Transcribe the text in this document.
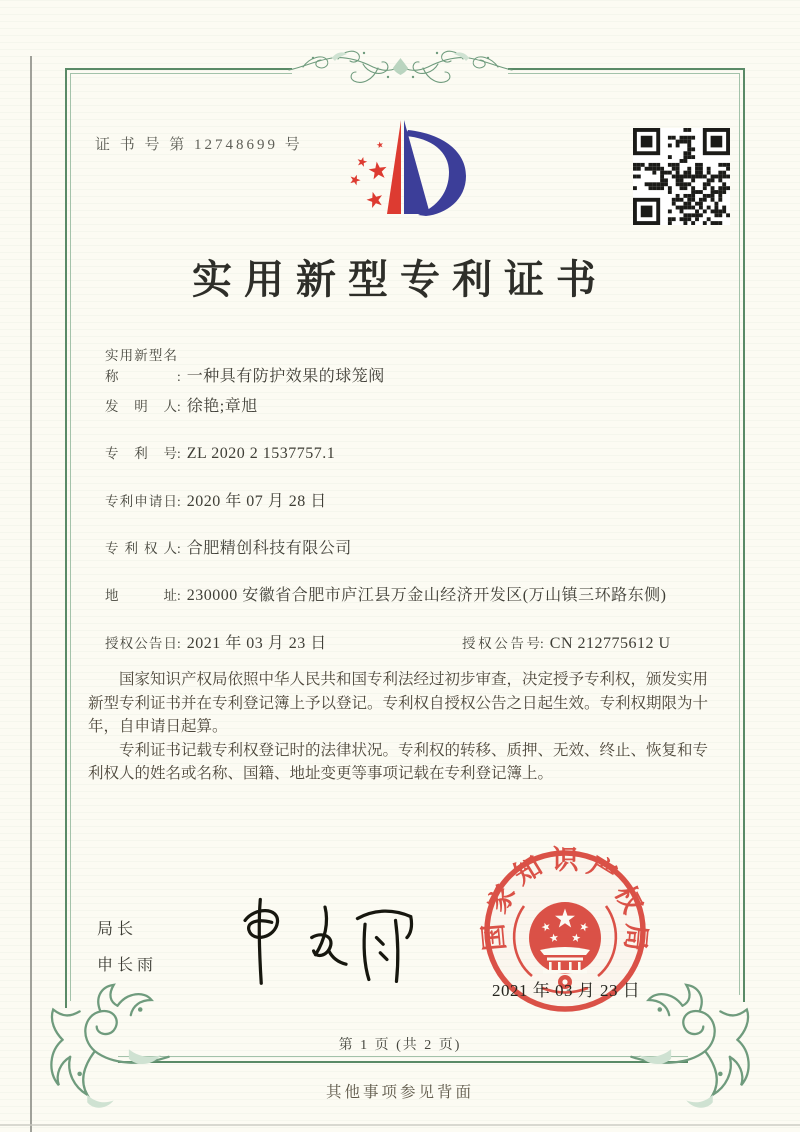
证 书 号 第 12748699 号
实用新型专利证书
实用新型名称	: 一种具有防护效果的球笼阀
发明人: 徐艳;章旭
专利号: ZL 2020 2 1537757.1
专利申请日: 2020 年 07 月 28 日
专利权人: 合肥精创科技有限公司
地址: 230000 安徽省合肥市庐江县万金山经济开发区(万山镇三环路东侧)
授权公告日: 2021 年 03 月 23 日	授权公告号: CN 212775612 U

国家知识产权局依照中华人民共和国专利法经过初步审查，决定授予专利权，颁发实用新型专利证书并在专利登记簿上予以登记。专利权自授权公告之日起生效。专利权期限为十年，自申请日起算。

专利证书记载专利权登记时的法律状况。专利权的转移、质押、无效、终止、恢复和专利权人的姓名或名称、国籍、地址变更等事项记载在专利登记簿上。

局长
申长雨
国家知识产权局
2021 年 03 月 23 日
第 1 页 (共 2 页)
其他事项参见背面
